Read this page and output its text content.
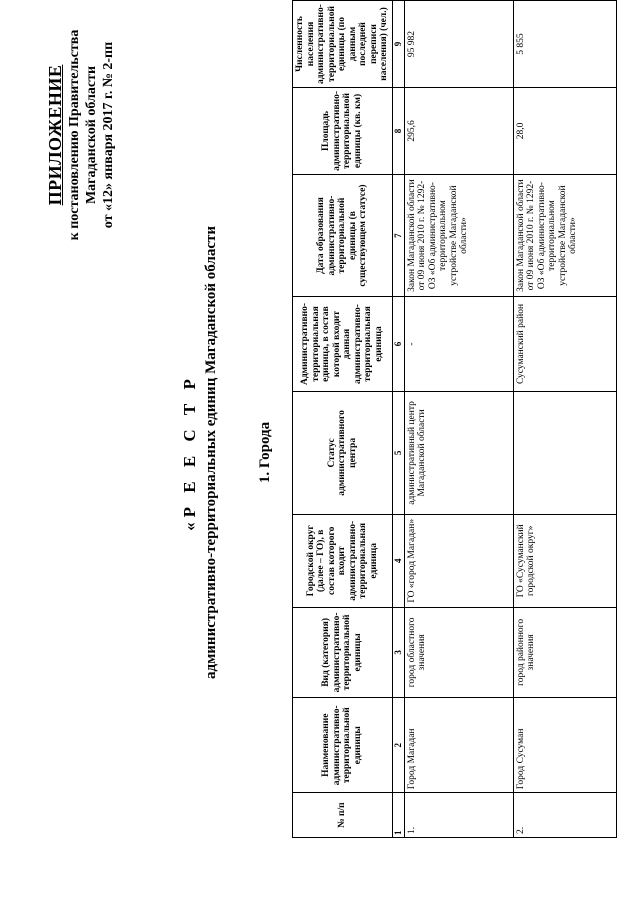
ПРИЛОЖЕНИЕ к постановлению Правительства Магаданской области от «12» января 2017 г. № 2-пп
«Р Е Е С Т Р административно-территориальных единиц Магаданской области	1. Города
№ п/п	Наименование административно-территориальной единицы	Вид (категория) административно-территориальной единицы	Городской округ (далее – ГО), в состав которого входит административно-территориальная единица	Статус административного центра	Административно-территориальная единица, в состав которой входит данная административно-территориальная единица	Дата образования административно-территориальной единицы (в существующем статусе)	Площадь административно-территориальной единицы (кв. км)	Численность населения административно-территориальной единицы (по данным последней переписи населения) (чел.)
1	2	3	4	5	6	7	8	9
1.	Город Магадан	город областного значения	ГО «город Магадан»	административный центр Магаданской области	-	Закон Магаданской области от 09 июня 2010 г. № 1292-ОЗ «Об административно-территориальном устройстве Магаданской области»	295,6	95 982
2.	Город Сусуман	город районного значения	ГО «Сусуманский городской округ»		Сусуманский район	Закон Магаданской области от 09 июня 2010 г. № 1292-ОЗ «Об административно-территориальном устройстве Магаданской области»	28,0	5 855
